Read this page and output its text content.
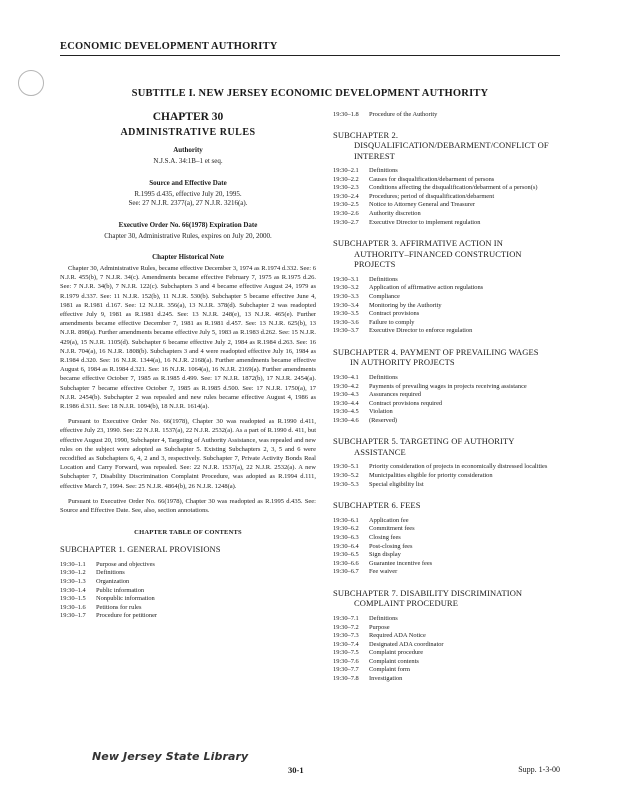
ECONOMIC DEVELOPMENT AUTHORITY
SUBTITLE I. NEW JERSEY ECONOMIC DEVELOPMENT AUTHORITY
CHAPTER 30
ADMINISTRATIVE RULES
Authority
N.J.S.A. 34:1B–1 et seq.
Source and Effective Date
R.1995 d.435, effective July 20, 1995.
See: 27 N.J.R. 2377(a), 27 N.J.R. 3216(a).
Executive Order No. 66(1978) Expiration Date
Chapter 30, Administrative Rules, expires on July 20, 2000.
Chapter Historical Note

Chapter 30, Administrative Rules, became effective December 3, 1974 as R.1974 d.332. See: 6 N.J.R. 455(b), 7 N.J.R. 34(c). Amendments became effective February 7, 1975 as R.1975 d.26. See: 7 N.J.R. 34(b), 7 N.J.R. 122(c). Subchapters 3 and 4 became effective August 24, 1979 as R.1979 d.337. See: 11 N.J.R. 152(b), 11 N.J.R. 530(b). Subchapter 5 became effective June 4, 1981 as R.1981 d.167. See: 12 N.J.R. 356(a), 13 N.J.R. 378(d). Subchapter 2 was readopted effective July 9, 1981 as R.1981 d.245. See: 13 N.J.R. 248(e), 13 N.J.R. 465(e). Further amendments became effective December 7, 1981 as R.1981 d.457. See: 13 N.J.R. 625(b), 13 N.J.R. 898(a). Further amendments became effective July 5, 1983 as R.1983 d.262. See: 15 N.J.R. 429(a), 15 N.J.R. 1105(d). Subchapter 6 became effective July 2, 1984 as R.1984 d.263. See: 16 N.J.R. 704(a), 16 N.J.R. 1808(b). Subchapters 3 and 4 were readopted effective July 16, 1984 as R.1984 d.320. See: 16 N.J.R. 1344(a), 16 N.J.R. 2168(a). Further amendments became effective August 6, 1984 as R.1984 d.321. See: 16 N.J.R. 1064(a), 16 N.J.R. 2169(a). Further amendments became effective October 7, 1985 as R.1985 d.499. See: 17 N.J.R. 1872(b), 17 N.J.R. 2454(a). Subchapter 7 became effective October 7, 1985 as R.1985 d.500. See: 17 N.J.R. 1750(a), 17 N.J.R. 2454(b). Subchapter 2 was repealed and new rules became effective August 4, 1986 as R.1986 d.311. See: 18 N.J.R. 1094(b), 18 N.J.R. 1614(a).

Pursuant to Executive Order No. 66(1978), Chapter 30 was readopted as R.1990 d.411, effective July 23, 1990. See: 22 N.J.R. 1537(a), 22 N.J.R. 2532(a). As a part of R.1990 d. 411, but effective August 20, 1990, Subchapter 4, Targeting of Authority Assistance, was repealed and new rules on the subject were adopted as Subchapter 5. Existing Subchapters 2, 3, 5 and 6 were recodified as Subchapters 6, 4, 2 and 3, respectively. Subchapter 7, Private Activity Bonds Real Location and Carry Forward, was repealed. See: 22 N.J.R. 1537(a), 22 N.J.R. 2532(a). A new Subchapter 7, Disability Discrimination Complaint Procedure, was adopted as R.1994 d.111, effective March 7, 1994. See: 25 N.J.R. 4864(b), 26 N.J.R. 1248(a).

Pursuant to Executive Order No. 66(1978), Chapter 30 was readopted as R.1995 d.435. See: Source and Effective Date. See, also, section annotations.

CHAPTER TABLE OF CONTENTS
SUBCHAPTER 1. GENERAL PROVISIONS
19:30–1.1	Purpose and objectives
19:30–1.2	Definitions
19:30–1.3	Organization
19:30–1.4	Public information
19:30–1.5	Nonpublic information
19:30–1.6	Petitions for rules
19:30–1.7	Procedure for petitioner
19:30–1.8	Procedure of the Authority
SUBCHAPTER 2.
DISQUALIFICATION/DEBARMENT/CONFLICT OF
INTEREST
19:30–2.1	Definitions
19:30–2.2	Causes for disqualification/debarment of persons
19:30–2.3	Conditions affecting the disqualification/debarment of a person(s)
19:30–2.4	Procedures; period of disqualification/debarment
19:30–2.5	Notice to Attorney General and Treasurer
19:30–2.6	Authority discretion
19:30–2.7	Executive Director to implement regulation
SUBCHAPTER 3. AFFIRMATIVE ACTION IN
AUTHORITY–FINANCED CONSTRUCTION
PROJECTS
19:30–3.1	Definitions
19:30–3.2	Application of affirmative action regulations
19:30–3.3	Compliance
19:30–3.4	Monitoring by the Authority
19:30–3.5	Contract provisions
19:30–3.6	Failure to comply
19:30–3.7	Executive Director to enforce regulation
SUBCHAPTER 4. PAYMENT OF PREVAILING WAGES
IN AUTHORITY PROJECTS
19:30–4.1	Definitions
19:30–4.2	Payments of prevailing wages in projects receiving assistance
19:30–4.3	Assurances required
19:30–4.4	Contract provisions required
19:30–4.5	Violation
19:30–4.6	(Reserved)
SUBCHAPTER 5. TARGETING OF AUTHORITY
ASSISTANCE
19:30–5.1	Priority consideration of projects in economically distressed localities
19:30–5.2	Municipalities eligible for priority consideration
19:30–5.3	Special eligibility list
SUBCHAPTER 6. FEES
19:30–6.1	Application fee
19:30–6.2	Commitment fees
19:30–6.3	Closing fees
19:30–6.4	Post-closing fees
19:30–6.5	Sign display
19:30–6.6	Guarantee incentive fees
19:30–6.7	Fee waiver
SUBCHAPTER 7. DISABILITY DISCRIMINATION
COMPLAINT PROCEDURE
19:30–7.1	Definitions
19:30–7.2	Purpose
19:30–7.3	Required ADA Notice
19:30–7.4	Designated ADA coordinator
19:30–7.5	Complaint procedure
19:30–7.6	Complaint contents
19:30–7.7	Complaint form
19:30–7.8	Investigation
New Jersey State Library
30-1	Supp. 1-3-00
